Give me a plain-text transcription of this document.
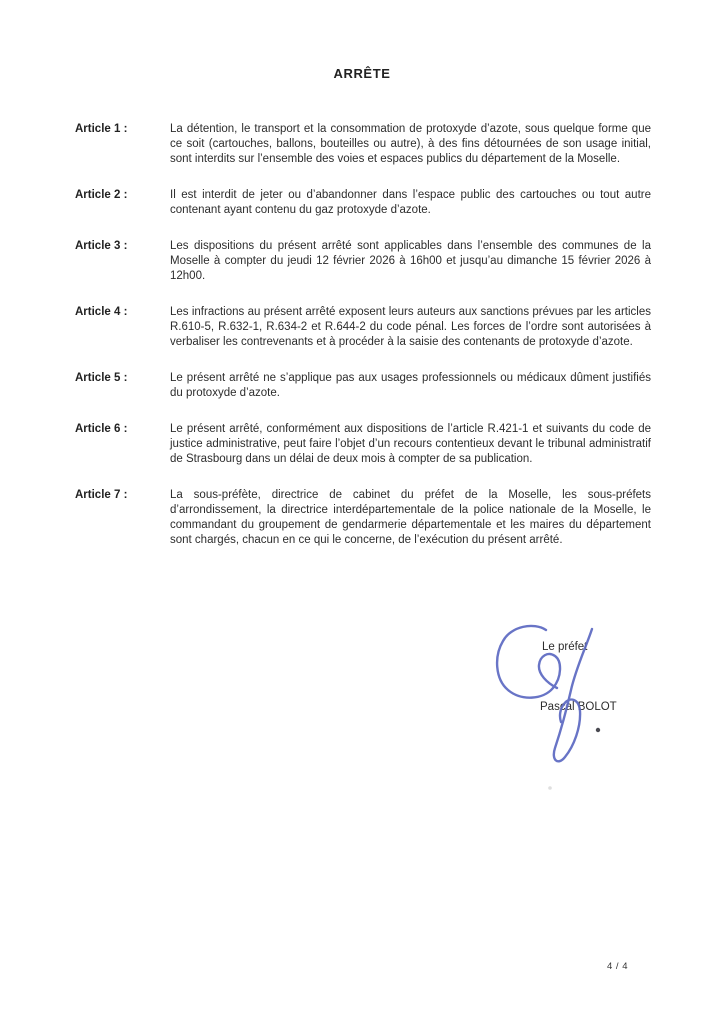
ARRÊTE
Article 1 :	La détention, le transport et la consommation de protoxyde d’azote, sous quelque forme que ce soit (cartouches, ballons, bouteilles ou autre), à des fins détournées de son usage initial, sont interdits sur l’ensemble des voies et espaces publics du département de la Moselle.
Article 2 :	Il est interdit de jeter ou d’abandonner dans l’espace public des cartouches ou tout autre contenant ayant contenu du gaz protoxyde d’azote.
Article 3 :	Les dispositions du présent arrêté sont applicables dans l’ensemble des communes de la Moselle à compter du jeudi 12 février 2026 à 16h00 et jusqu’au dimanche 15 février 2026 à 12h00.
Article 4 :	Les infractions au présent arrêté exposent leurs auteurs aux sanctions prévues par les articles R.610-5, R.632-1, R.634-2 et R.644-2 du code pénal. Les forces de l’ordre sont autorisées à verbaliser les contrevenants et à procéder à la saisie des contenants de protoxyde d’azote.
Article 5 :	Le présent arrêté ne s’applique pas aux usages professionnels ou médicaux dûment justifiés du protoxyde d’azote.
Article 6 :	Le présent arrêté, conformément aux dispositions de l’article R.421-1 et suivants du code de justice administrative, peut faire l’objet d’un recours contentieux devant le tribunal administratif de Strasbourg dans un délai de deux mois à compter de sa publication.
Article 7 :	La sous-préfète, directrice de cabinet du préfet de la Moselle, les sous-préfets d’arrondissement, la directrice interdépartementale de la police nationale de la Moselle, le commandant du groupement de gendarmerie départementale et les maires du département sont chargés, chacun en ce qui le concerne, de l’exécution du présent arrêté.
Le préfet
Pascal BOLOT
4 / 4
